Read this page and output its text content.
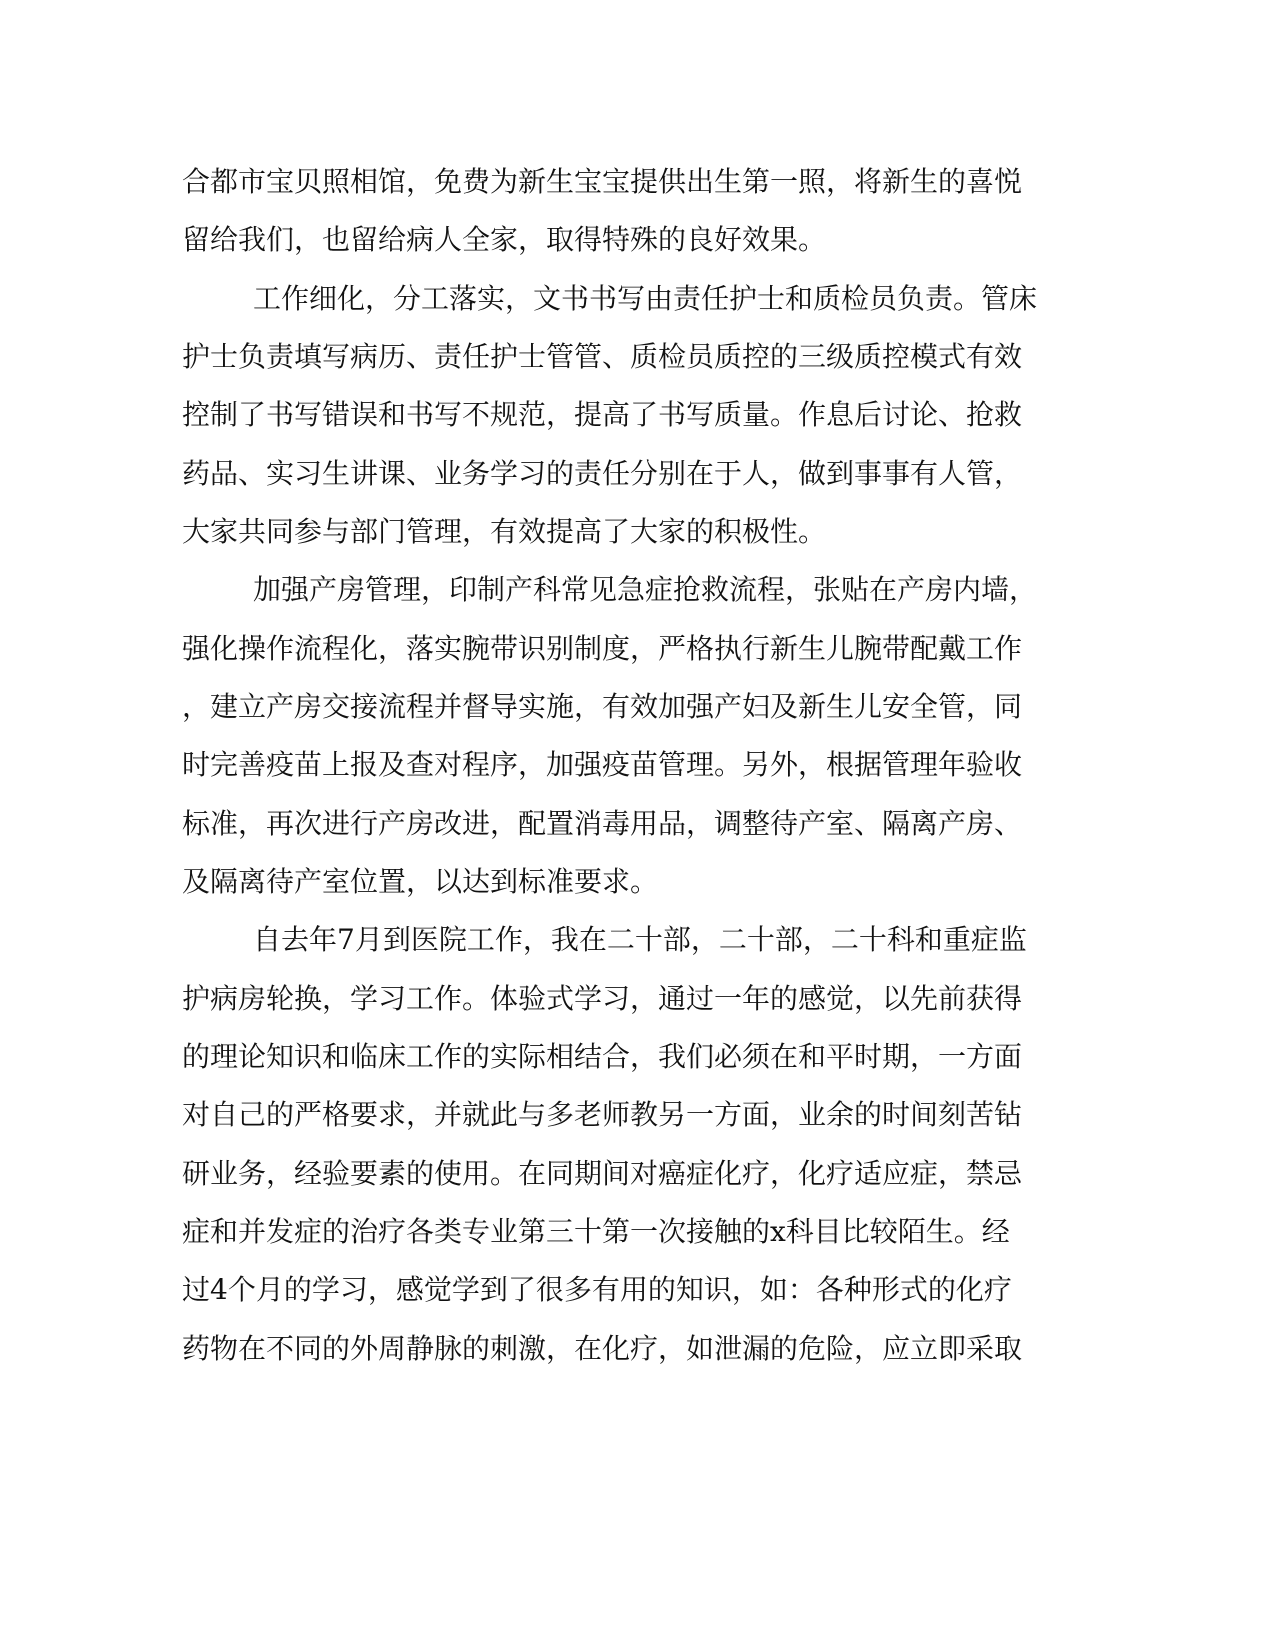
合都市宝贝照相馆，免费为新生宝宝提供出生第一照，将新生的喜悦

留给我们，也留给病人全家，取得特殊的良好效果。

工作细化，分工落实，文书书写由责任护士和质检员负责。管床

护士负责填写病历、责任护士管管、质检员质控的三级质控模式有效

控制了书写错误和书写不规范，提高了书写质量。作息后讨论、抢救

药品、实习生讲课、业务学习的责任分别在于人，做到事事有人管，

大家共同参与部门管理，有效提高了大家的积极性。

加强产房管理，印制产科常见急症抢救流程，张贴在产房内墙，

强化操作流程化，落实腕带识别制度，严格执行新生儿腕带配戴工作

，建立产房交接流程并督导实施，有效加强产妇及新生儿安全管，同

时完善疫苗上报及查对程序，加强疫苗管理。另外，根据管理年验收

标准，再次进行产房改进，配置消毒用品，调整待产室、隔离产房、

及隔离待产室位置，以达到标准要求。

自去年7月到医院工作，我在二十部，二十部，二十科和重症监

护病房轮换，学习工作。体验式学习，通过一年的感觉，以先前获得

的理论知识和临床工作的实际相结合，我们必须在和平时期，一方面

对自己的严格要求，并就此与多老师教另一方面，业余的时间刻苦钻

研业务，经验要素的使用。在同期间对癌症化疗，化疗适应症，禁忌

症和并发症的治疗各类专业第三十第一次接触的x科目比较陌生。经

过4个月的学习，感觉学到了很多有用的知识，如：各种形式的化疗

药物在不同的外周静脉的刺激，在化疗，如泄漏的危险，应立即采取
